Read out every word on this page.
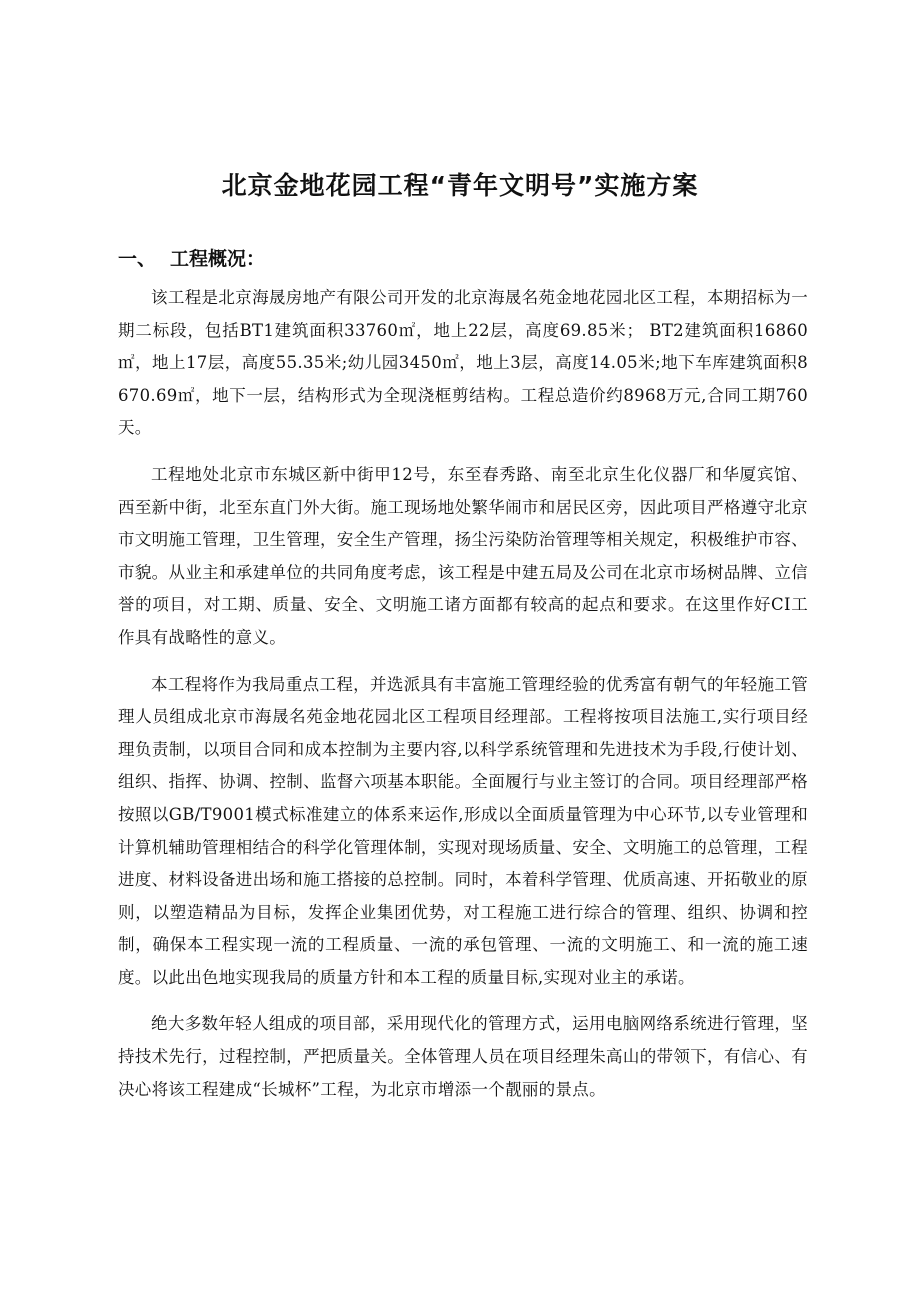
北京金地花园工程“青年文明号”实施方案
一、 工程概况：

该工程是北京海晟房地产有限公司开发的北京海晟名苑金地花园北区工程，本期招标为一期二标段，包括BT1建筑面积33760㎡，地上22层，高度69.85米； BT2建筑面积16860㎡，地上17层，高度55.35米;幼儿园3450㎡，地上3层，高度14.05米;地下车库建筑面积8670.69㎡，地下一层，结构形式为全现浇框剪结构。工程总造价约8968万元,合同工期760天。

工程地处北京市东城区新中街甲12号，东至春秀路、南至北京生化仪器厂和华厦宾馆、西至新中街，北至东直门外大街。施工现场地处繁华闹市和居民区旁，因此项目严格遵守北京市文明施工管理，卫生管理，安全生产管理，扬尘污染防治管理等相关规定，积极维护市容、市貌。从业主和承建单位的共同角度考虑，该工程是中建五局及公司在北京市场树品牌、立信誉的项目，对工期、质量、安全、文明施工诸方面都有较高的起点和要求。在这里作好CI工作具有战略性的意义。

本工程将作为我局重点工程，并选派具有丰富施工管理经验的优秀富有朝气的年轻施工管理人员组成北京市海晟名苑金地花园北区工程项目经理部。工程将按项目法施工,实行项目经理负责制，以项目合同和成本控制为主要内容,以科学系统管理和先进技术为手段,行使计划、组织、指挥、协调、控制、监督六项基本职能。全面履行与业主签订的合同。项目经理部严格按照以GB/T9001模式标准建立的体系来运作,形成以全面质量管理为中心环节,以专业管理和计算机辅助管理相结合的科学化管理体制，实现对现场质量、安全、文明施工的总管理，工程进度、材料设备进出场和施工搭接的总控制。同时，本着科学管理、优质高速、开拓敬业的原则，以塑造精品为目标，发挥企业集团优势，对工程施工进行综合的管理、组织、协调和控制，确保本工程实现一流的工程质量、一流的承包管理、一流的文明施工、和一流的施工速度。以此出色地实现我局的质量方针和本工程的质量目标,实现对业主的承诺。

绝大多数年轻人组成的项目部，采用现代化的管理方式，运用电脑网络系统进行管理，坚持技术先行，过程控制，严把质量关。全体管理人员在项目经理朱高山的带领下，有信心、有决心将该工程建成“长城杯”工程，为北京市增添一个靓丽的景点。
